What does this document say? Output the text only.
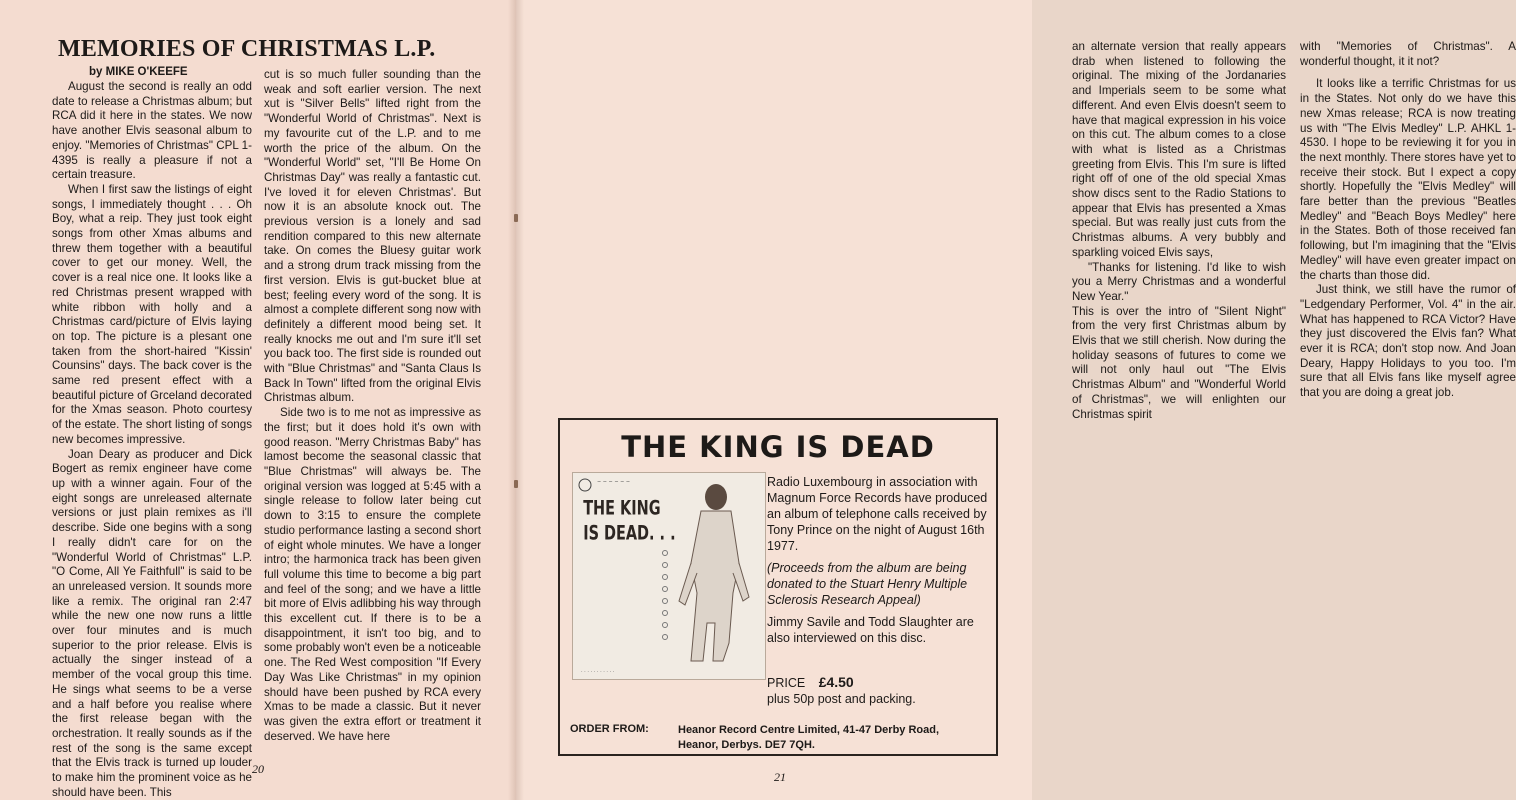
MEMORIES OF CHRISTMAS L.P.
by MIKE O'KEEFE

August the second is really an odd date to release a Christmas album; but RCA did it here in the states. We now have another Elvis seasonal album to enjoy. "Memories of Christmas" CPL 1-4395 is really a pleasure if not a certain treasure.

When I first saw the listings of eight songs, I immediately thought . . . Oh Boy, what a reip. They just took eight songs from other Xmas albums and threw them together with a beautiful cover to get our money. Well, the cover is a real nice one. It looks like a red Christmas present wrapped with white ribbon with holly and a Christmas card/picture of Elvis laying on top. The picture is a plesant one taken from the short-haired "Kissin' Counsins" days. The back cover is the same red present effect with a beautiful picture of Grceland decorated for the Xmas season. Photo courtesy of the estate. The short listing of songs new becomes impressive.

Joan Deary as producer and Dick Bogert as remix engineer have come up with a winner again. Four of the eight songs are unreleased alternate versions or just plain remixes as i'll describe. Side one begins with a song I really didn't care for on the "Wonderful World of Christmas" L.P. "O Come, All Ye Faithfull" is said to be an unreleased version. It sounds more like a remix. The original ran 2:47 while the new one now runs a little over four minutes and is much superior to the prior release. Elvis is actually the singer instead of a member of the vocal group this time. He sings what seems to be a verse and a half before you realise where the first release began with the orchestration. It really sounds as if the rest of the song is the same except that the Elvis track is turned up louder to make him the prominent voice as he should have been. This

cut is so much fuller sounding than the weak and soft earlier version. The next xut is "Silver Bells" lifted right from the "Wonderful World of Christmas". Next is my favourite cut of the L.P. and to me worth the price of the album. On the "Wonderful World" set, "I'll Be Home On Christmas Day" was really a fantastic cut. I've loved it for eleven Christmas'. But now it is an absolute knock out. The previous version is a lonely and sad rendition compared to this new alternate take. On comes the Bluesy guitar work and a strong drum track missing from the first version. Elvis is gut-bucket blue at best; feeling every word of the song. It is almost a complete different song now with definitely a different mood being set. It really knocks me out and I'm sure it'll set you back too. The first side is rounded out with "Blue Christmas" and "Santa Claus Is Back In Town" lifted from the original Elvis Christmas album.

Side two is to me not as impressive as the first; but it does hold it's own with good reason. "Merry Christmas Baby" has lamost become the seasonal classic that "Blue Christmas" will always be. The original version was logged at 5:45 with a single release to follow later being cut down to 3:15 to ensure the complete studio performance lasting a second short of eight whole minutes. We have a longer intro; the harmonica track has been given full volume this time to become a big part and feel of the song; and we have a little bit more of Elvis adlibbing his way through this excellent cut. If there is to be a disappointment, it isn't too big, and to some probably won't even be a noticeable one. The Red West composition "If Every Day Was Like Christmas" in my opinion should have been pushed by RCA every Xmas to be made a classic. But it never was given the extra effort or treatment it deserved. We have here

20

an alternate version that really appears drab when listened to following the original. The mixing of the Jordanaries and Imperials seem to be some what different. And even Elvis doesn't seem to have that magical expression in his voice on this cut. The album comes to a close with what is listed as a Christmas greeting from Elvis. This I'm sure is lifted right off of one of the old special Xmas show discs sent to the Radio Stations to appear that Elvis has presented a Xmas special. But was really just cuts from the Christmas albums. A very bubbly and sparkling voiced Elvis says,

"Thanks for listening. I'd like to wish you a Merry Christmas and a wonderful New Year."

This is over the intro of "Silent Night" from the very first Christmas album by Elvis that we still cherish. Now during the holiday seasons of futures to come we will not only haul out "The Elvis Christmas Album" and "Wonderful World of Christmas", we will enlighten our Christmas spirit

with "Memories of Christmas". A wonderful thought, it it not?

It looks like a terrific Christmas for us in the States. Not only do we have this new Xmas release; RCA is now treating us with "The Elvis Medley" L.P. AHKL 1-4530. I hope to be reviewing it for you in the next monthly. There stores have yet to receive their stock. But I expect a copy shortly. Hopefully the "Elvis Medley" will fare better than the previous "Beatles Medley" and "Beach Boys Medley" here in the States. Both of those received fan following, but I'm imagining that the "Elvis Medley" will have even greater impact on the charts than those did.

Just think, we still have the rumor of "Ledgendary Performer, Vol. 4" in the air. What has happened to RCA Victor? Have they just discovered the Elvis fan? What ever it is RCA; don't stop now. And Joan Deary, Happy Holidays to you too. I'm sure that all Elvis fans like myself agree that you are doing a great job.

THE KING IS DEAD
~ ~ ~ ~ ~ ~
THE KING
IS DEAD. . .
· · · · · · · · · · ·

Radio Luxembourg in association with Magnum Force Records have produced an album of telephone calls received by Tony Prince on the night of August 16th 1977.

(Proceeds from the album are being donated to the Stuart Henry Multiple Sclerosis Research Appeal)

Jimmy Savile and Todd Slaughter are also interviewed on this disc.

PRICE £4.50
plus 50p post and packing.
ORDER FROM:	Heanor Record Centre Limited, 41-47 Derby Road,
Heanor, Derbys. DE7 7QH.
21
